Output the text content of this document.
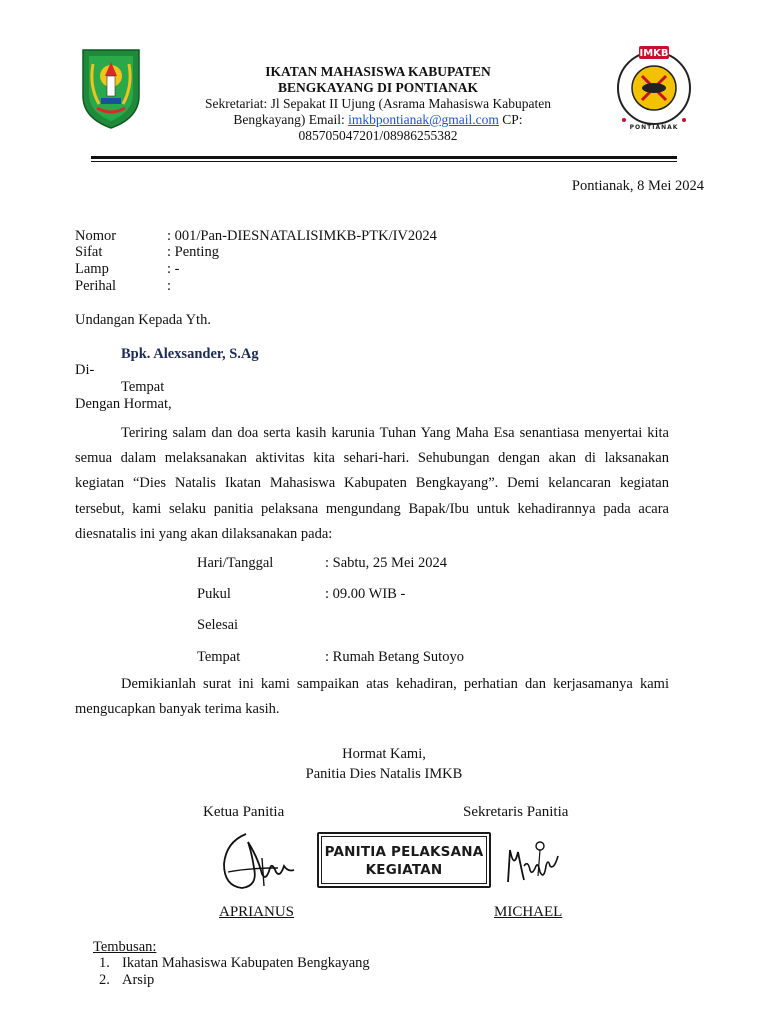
IKATAN MAHASISWA KABUPATEN
BENGKAYANG DI PONTIANAK
Sekretariat: Jl Sepakat II Ujung (Asrama Mahasiswa Kabupaten
Bengkayang) Email: imkbpontianak@gmail.com CP:
085705047201/08986255382
IMKB
PONTIANAK
Pontianak, 8 Mei 2024
Nomor	: 001/Pan-DIESNATALISIMKB-PTK/IV2024
Sifat	: Penting
Lamp	: -
Perihal	:
Undangan Kepada Yth.
Bpk. Alexsander, S.Ag
Di-
Tempat
Dengan Hormat,
Teriring salam dan doa serta kasih karunia Tuhan Yang Maha Esa senantiasa menyertai kita semua dalam melaksanakan aktivitas kita sehari-hari. Sehubungan dengan akan di laksanakan kegiatan “Dies Natalis Ikatan Mahasiswa Kabupaten Bengkayang”. Demi kelancaran kegiatan tersebut, kami selaku panitia pelaksana mengundang Bapak/Ibu untuk kehadirannya pada acara diesnatalis ini yang akan dilaksanakan pada:
Hari/Tanggal	: Sabtu, 25 Mei 2024
Pukul	: 09.00 WIB -
Selesai
Tempat	: Rumah Betang Sutoyo
Demikianlah surat ini kami sampaikan atas kehadiran, perhatian dan kerjasamanya kami mengucapkan banyak terima kasih.
Hormat Kami,
Panitia Dies Natalis IMKB
Ketua Panitia	Sekretaris Panitia
PANITIA PELAKSANA
KEGIATAN
APRIANUS	MICHAEL
Tembusan:
1. Ikatan Mahasiswa Kabupaten Bengkayang
2. Arsip
